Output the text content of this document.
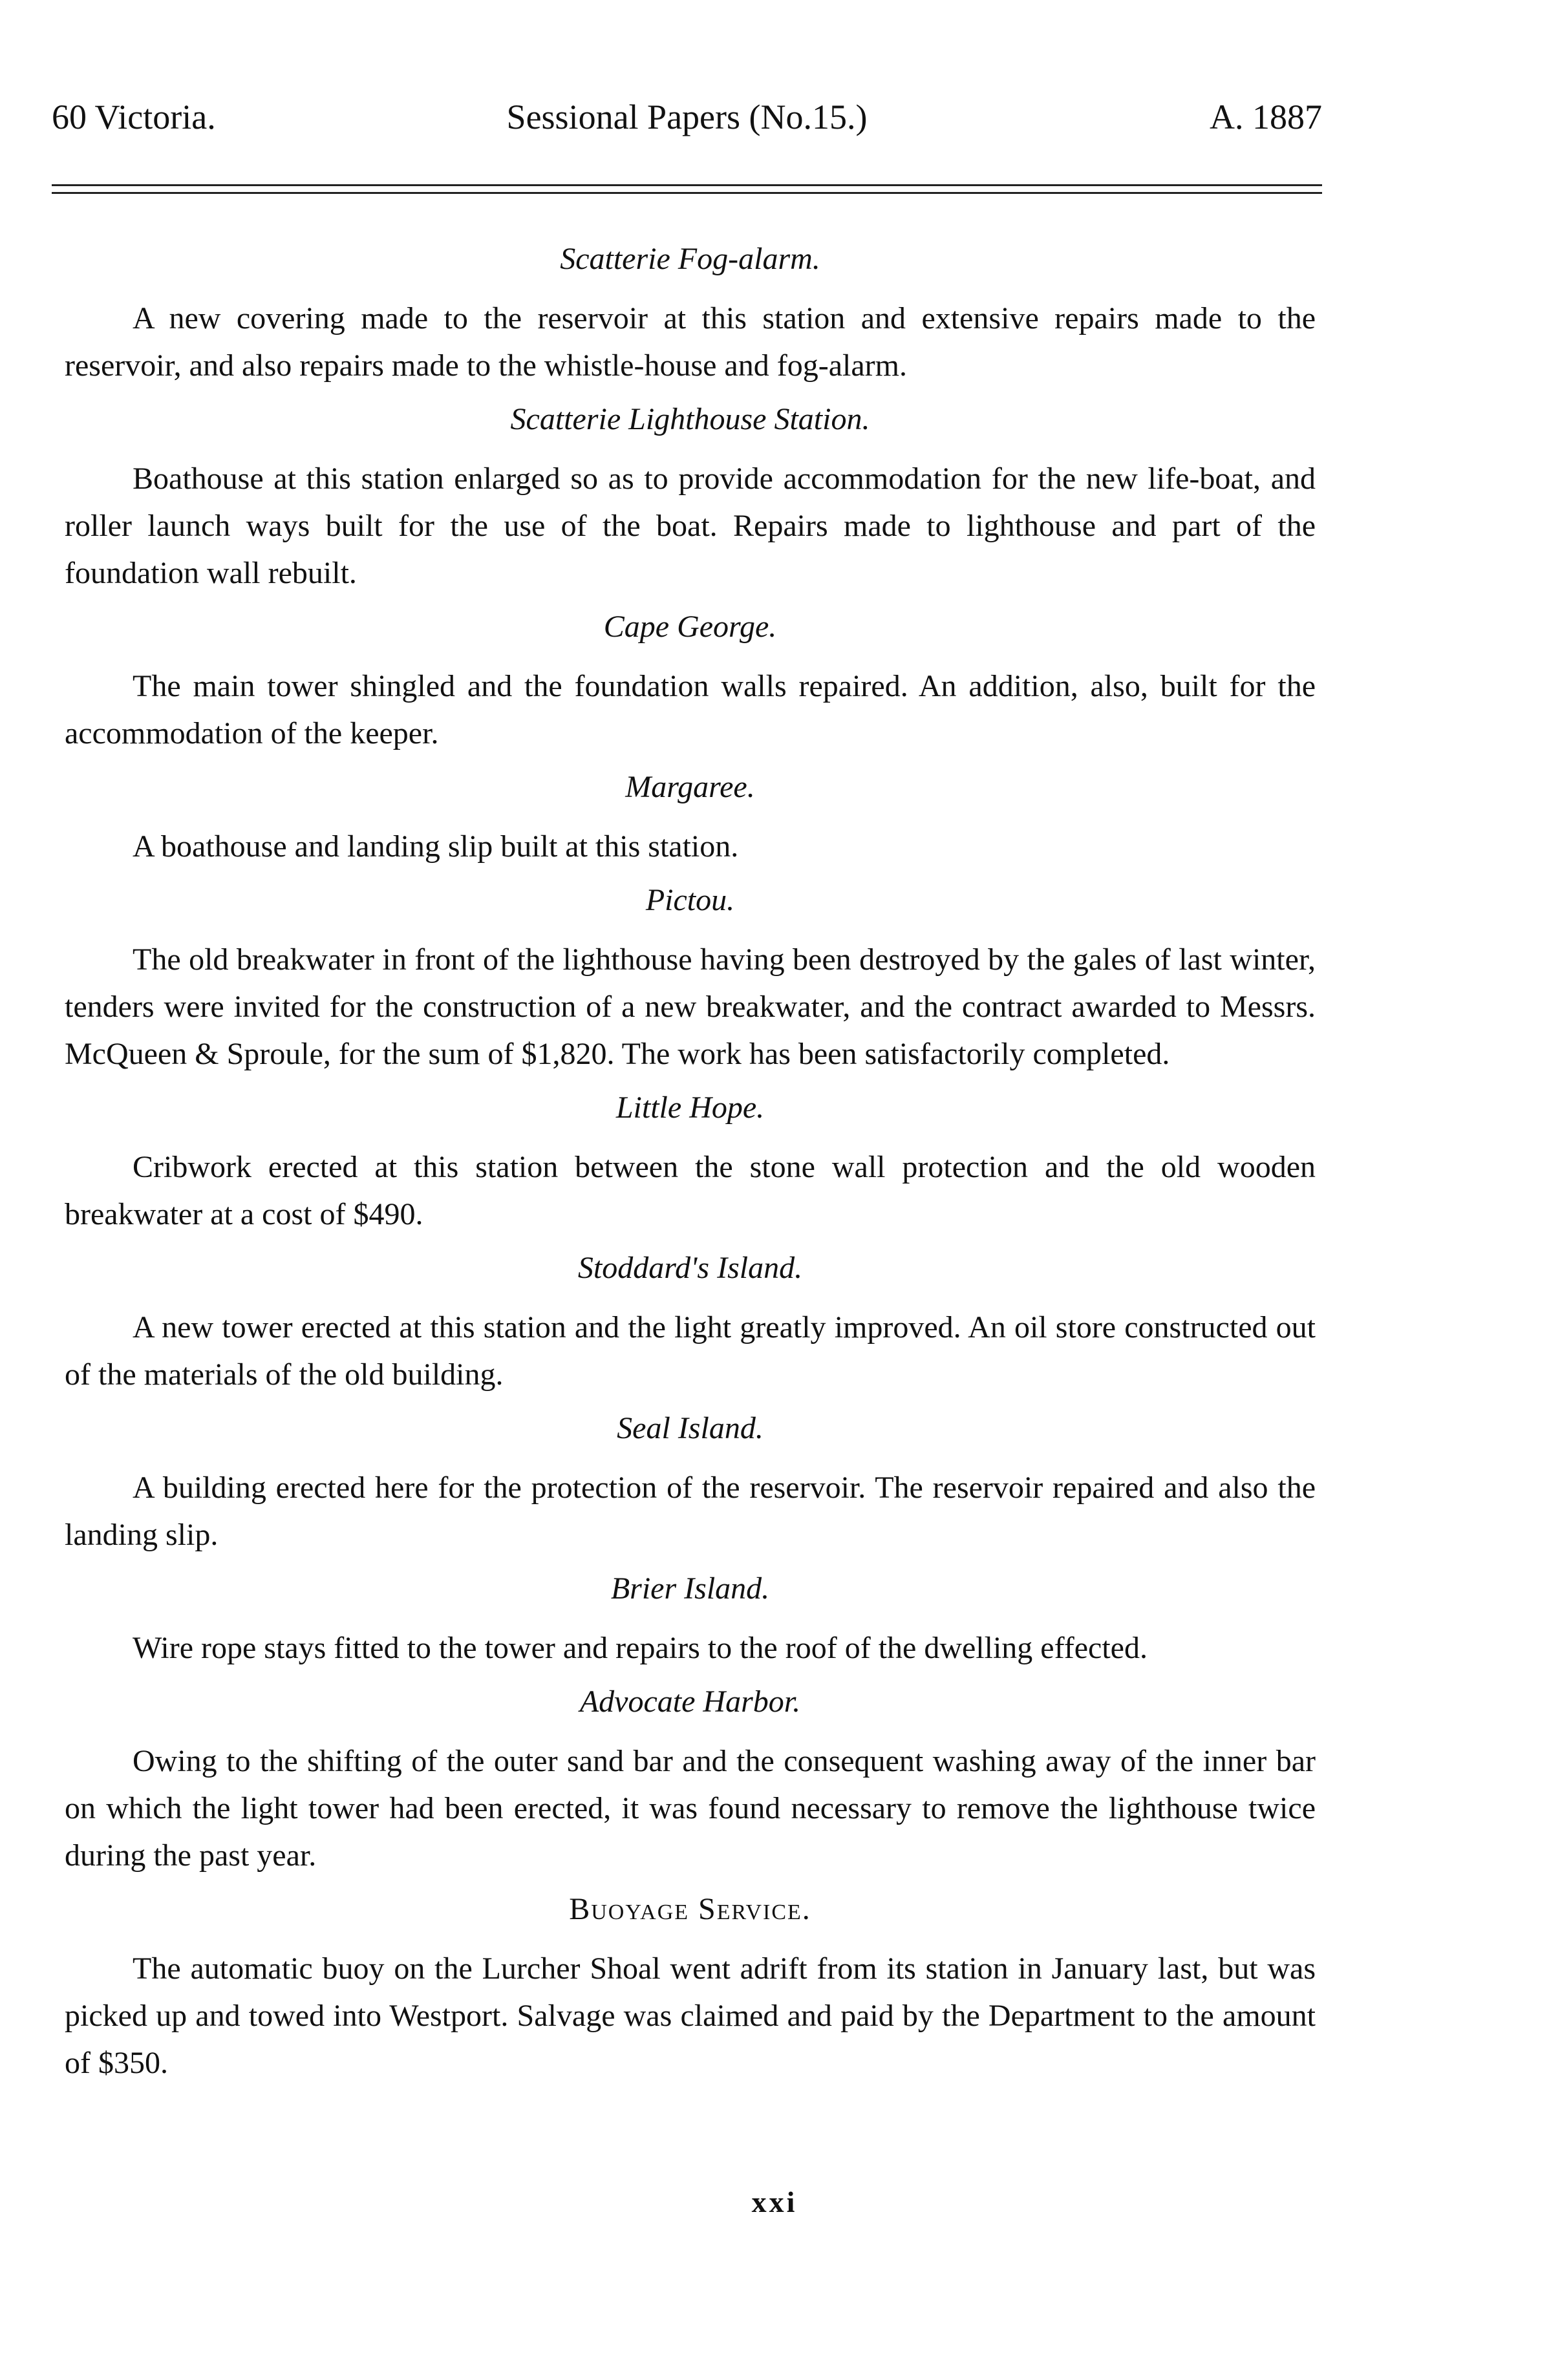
60 Victoria.	Sessional Papers (No.15.)	A. 1887
Scatterie Fog-alarm.

A new covering made to the reservoir at this station and extensive repairs made to the reservoir, and also repairs made to the whistle-house and fog-alarm.

Scatterie Lighthouse Station.

Boathouse at this station enlarged so as to provide accommodation for the new life-boat, and roller launch ways built for the use of the boat. Repairs made to lighthouse and part of the foundation wall rebuilt.

Cape George.

The main tower shingled and the foundation walls repaired. An addition, also, built for the accommodation of the keeper.

Margaree.

A boathouse and landing slip built at this station.

Pictou.

The old breakwater in front of the lighthouse having been destroyed by the gales of last winter, tenders were invited for the construction of a new breakwater, and the contract awarded to Messrs. McQueen & Sproule, for the sum of $1,820. The work has been satisfactorily completed.

Little Hope.

Cribwork erected at this station between the stone wall protection and the old wooden breakwater at a cost of $490.

Stoddard's Island.

A new tower erected at this station and the light greatly improved. An oil store constructed out of the materials of the old building.

Seal Island.

A building erected here for the protection of the reservoir. The reservoir repaired and also the landing slip.

Brier Island.

Wire rope stays fitted to the tower and repairs to the roof of the dwelling effected.

Advocate Harbor.

Owing to the shifting of the outer sand bar and the consequent washing away of the inner bar on which the light tower had been erected, it was found necessary to remove the lighthouse twice during the past year.

Buoyage Service.

The automatic buoy on the Lurcher Shoal went adrift from its station in January last, but was picked up and towed into Westport. Salvage was claimed and paid by the Department to the amount of $350.

xxi
